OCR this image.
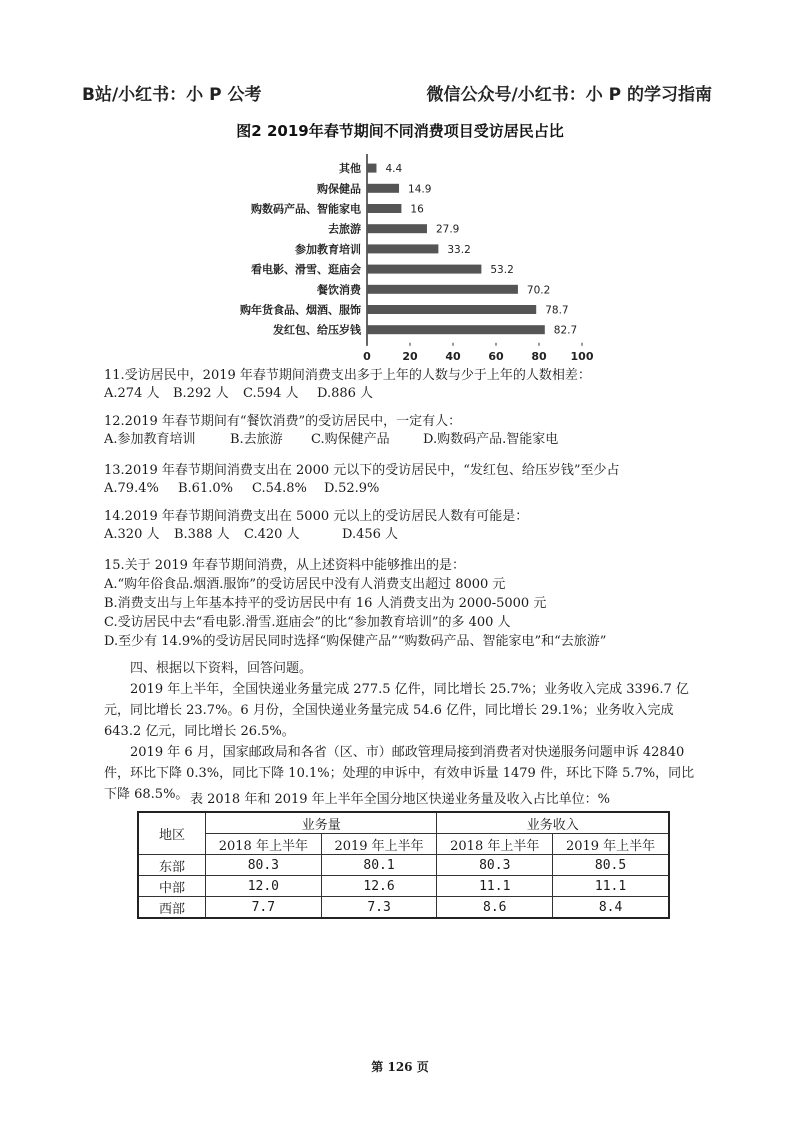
B站/小红书：小 P 公考	微信公众号/小红书：小 P 的学习指南
图2 2019年春节期间不同消费项目受访居民占比
其他 4.4
购保健品	14.9
购数码产品、智能家电	16
去旅游	27.9
参加教育培训	33.2
看电影、滑雪、逛庙会	53.2
餐饮消费	70.2
购年货食品、烟酒、服饰	78.7
发红包、给压岁钱	82.7
0	20	40	60	80 100
11.受访居民中，2019 年春节期间消费支出多于上年的人数与少于上年的人数相差：
A.274 人	B.292 人	C.594 人	D.886 人
12.2019 年春节期间有“餐饮消费”的受访居民中，一定有人：
A.参加教育培训	B.去旅游	C.购保健产品	D.购数码产品.智能家电
13.2019 年春节期间消费支出在 2000 元以下的受访居民中，“发红包、给压岁钱”至少占
A.79.4%	B.61.0%	C.54.8%	D.52.9%
14.2019 年春节期间消费支出在 5000 元以上的受访居民人数有可能是：
A.320 人	B.388 人	C.420 人	D.456 人
15.关于 2019 年春节期间消费，从上述资料中能够推出的是：
A.“购年俗食品.烟酒.服饰”的受访居民中没有人消费支出超过 8000 元
B.消费支出与上年基本持平的受访居民中有 16 人消费支出为 2000-5000 元
C.受访居民中去“看电影.滑雪.逛庙会”的比“参加教育培训”的多 400 人
D.至少有 14.9%的受访居民同时选择“购保健产品”“购数码产品、智能家电”和“去旅游”

四、根据以下资料，回答问题。

2019 年上半年，全国快递业务量完成 277.5 亿件，同比增长 25.7%；业务收入完成 3396.7 亿元，同比增长 23.7%。6 月份，全国快递业务量完成 54.6 亿件，同比增长 29.1%；业务收入完成 643.2 亿元，同比增长 26.5%。

2019 年 6 月，国家邮政局和各省（区、市）邮政管理局接到消费者对快递服务问题申诉 42840 件，环比下降 0.3%，同比下降 10.1%；处理的申诉中，有效申诉量 1479 件，环比下降 5.7%，同比下降 68.5%。 表 2018 年和 2019 年上半年全国分地区快递业务量及收入占比单位：%
地区	业务量		业务收入	
	2018 年上半年	2019 年上半年	2018 年上半年	2019 年上半年
东部	80.3	80.1	80.3	80.5
中部	12.0	12.6	11.1	11.1
西部	7.7	7.3	8.6	8.4
第 126 页
